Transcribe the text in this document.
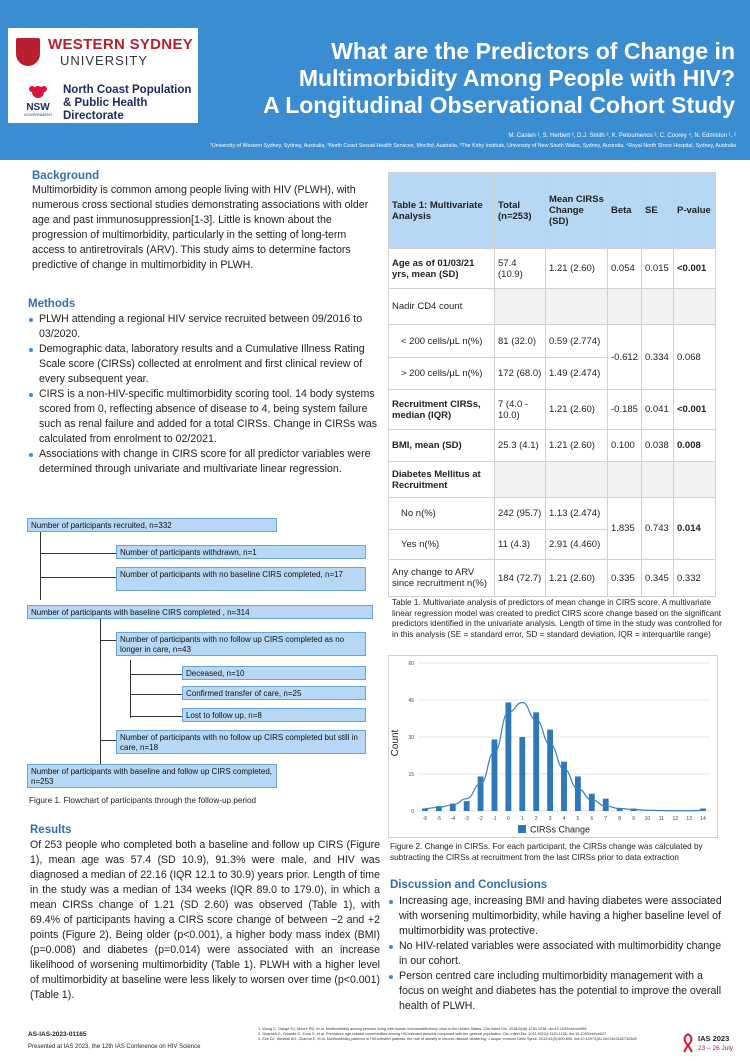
WESTERN SYDNEY
UNIVERSITY
NSW
GOVERNMENT
North Coast Population & Public Health Directorate
What are the Predictors of Change in
Multimorbidity Among People with HIV?
A Longitudinal Observational Cohort Study
M. Casten ¹, S. Herbert ², D.J. Smith ², K. Petoumenos ³, C. Coorey ⁴, N. Edmiston ¹, ²
¹University of Western Sydney, Sydney, Australia, ²North Coast Sexual Health Services, Mnclhd, Australia, ³The Kirby Institute, University of New South Wales, Sydney, Australia, ⁴Royal North Shore Hospital, Sydney, Australia
Background
Multimorbidity is common among people living with HIV (PLWH), with numerous cross sectional studies demonstrating associations with older age and past immunosuppression[1-3]. Little is known about the progression of multimorbidity, particularly in the setting of long-term access to antiretrovirals (ARV). This study aims to determine factors predictive of change in multimorbidity in PLWH.
Methods
PLWH attending a regional HIV service recruited between 09/2016 to 03/2020.
Demographic data, laboratory results and a Cumulative Illness Rating Scale score (CIRSs) collected at enrolment and first clinical review of every subsequent year.
CIRS is a non-HIV-specific multimorbidity scoring tool. 14 body systems scored from 0, reflecting absence of disease to 4, being system failure such as renal failure and added for a total CIRSs. Change in CIRSs was calculated from enrolment to 02/2021.
Associations with change in CIRS score for all predictor variables were determined through univariate and multivariate linear regression.
Number of participants recruited, n=332
Number of participants withdrawn, n=1
Number of participants with no baseline CIRS completed, n=17
Number of participants with baseline CIRS completed , n=314
Number of participants with no follow up CIRS completed as no longer in care, n=43
Deceased, n=10
Confirmed transfer of care, n=25
Lost to follow up, n=8
Number of participants with no follow up CIRS completed but still in care, n=18
Number of participants with baseline and follow up CIRS completed, n=253
Figure 1. Flowchart of participants through the follow-up period
Results
Of 253 people who completed both a baseline and follow up CIRS (Figure 1), mean age was 57.4 (SD 10.9), 91.3% were male, and HIV was diagnosed a median of 22.16 (IQR 12.1 to 30.9) years prior. Length of time in the study was a median of 134 weeks (IQR 89.0 to 179.0), in which a mean CIRSs change of 1.21 (SD 2.60) was observed (Table 1), with 69.4% of participants having a CIRS score change of between −2 and +2 points (Figure 2). Being older (p<0.001), a higher body mass index (BMI) (p=0.008) and diabetes (p=0.014) were associated with an increase likelihood of worsening multimorbidity (Table 1). PLWH with a higher level of multimorbidity at baseline were less likely to worsen over time (p<0.001) (Table 1).
Table 1: Multivariate Analysis	Total (n=253)	Mean CIRSs Change (SD)	Beta	SE	P-value
Age as of 01/03/21 yrs, mean (SD)	57.4 (10.9)	1.21 (2.60)	0.054	0.015	<0.001
Nadir CD4 count					
< 200 cells/µL n(%)	81 (32.0)	0.59 (2.774)	-0.612	0.334	0.068
> 200 cells/µL n(%)	172 (68.0)	1.49 (2.474)			
Recruitment CIRSs, median (IQR)	7 (4.0 - 10.0)	1.21 (2.60)	-0.185	0.041	<0.001
BMI, mean (SD)	25.3 (4.1)	1.21 (2.60)	0.100	0.038	0.008
Diabetes Mellitus at Recruitment					
No n(%)	242 (95.7)	1.13 (2.474)	1.835	0.743	0.014
Yes n(%)	11 (4.3)	2.91 (4.460)			
Any change to ARV since recruitment n(%)	184 (72.7)	1.21 (2.60)	0.335	0.345	0.332
Table 1. Multivariate analysis of predictors of mean change in CIRS score. A multivariate linear regression model was created to predict CIRS score change based on the significant predictors identified in the univariate analysis. Length of time in the study was controlled for in this analysis (SE = standard error, SD = standard deviation, IQR = interquartile range)
Count
0
15
30
45
60
-6 -5 -4 -3 -2 -1 0 1 2 3 4 5 6 7 8 9 10 11 12 13 14
CIRSs Change
Figure 2. Change in CIRSs. For each participant, the CIRSs change was calculated by subtracting the CIRSs at recruitment from the last CIRSs prior to data extraction
Discussion and Conclusions
Increasing age, increasing BMI and having diabetes were associated with worsening multimorbidity, while having a higher baseline level of multimorbidity was protective.
No HIV-related variables were associated with multimorbidity change in our cohort.
Person centred care including multimorbidity management with a focus on weight and diabetes has the potential to improve the overall health of PLWH.
AS-IAS-2023-01165
Presented at IAS 2023, the 12th IAS Conference on HIV Science
1. Wong C, Gange SJ, Moore RD, et al. Multimorbidity among persons living with human immunodeficiency virus in the United States. Clin Infect Dis. 2018;66(8):1230-1238. doi:10.1093/cid/cix998
2. Guaraldi G, Orlando G, Zona S, et al. Premature age-related comorbidities among HIV-infected persons compared with the general population. Clin Infect Dis. 2011;53(11):1120-1126. doi:10.1093/cid/cir627
3. Kim DJ, Westfall AO, Chamot E, et al. Multimorbidity patterns in HIV-infected patients: the role of obesity in chronic disease clustering. J Acquir Immune Defic Syndr. 2012;61(5):600-605. doi:10.1097/QAI.0b013e31827303d5	IAS 2023
23 – 26 July
